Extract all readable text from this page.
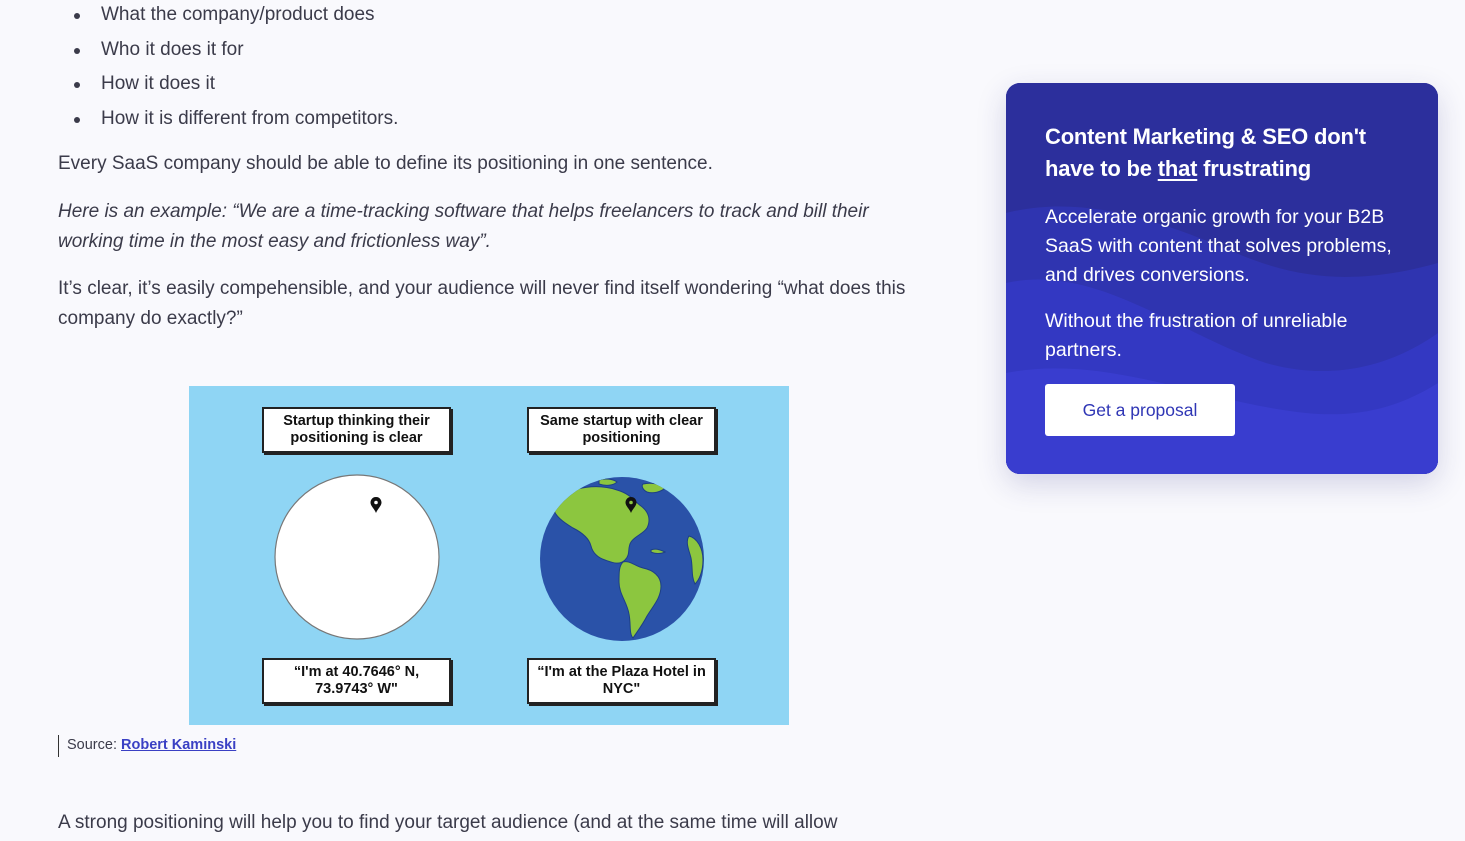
What the company/product does
Who it does it for
How it does it
How it is different from competitors.

Every SaaS company should be able to define its positioning in one sentence.

Here is an example: “We are a time-tracking software that helps freelancers to track and bill their working time in the most easy and frictionless way”.

It’s clear, it’s easily compehensible, and your audience will never find itself wondering “what does this company do exactly?”

A strong positioning will help you to find your target audience (and at the same time will allow

Startup thinking their positioning is clear
Same startup with clear positioning
“I'm at 40.7646° N, 73.9743° W"
“I'm at the Plaza Hotel in NYC"
Source: Robert Kaminski
Content Marketing & SEO don't have to be that frustrating

Accelerate organic growth for your B2B SaaS with content that solves problems, and drives conversions.

Without the frustration of unreliable partners.

Get a proposal
